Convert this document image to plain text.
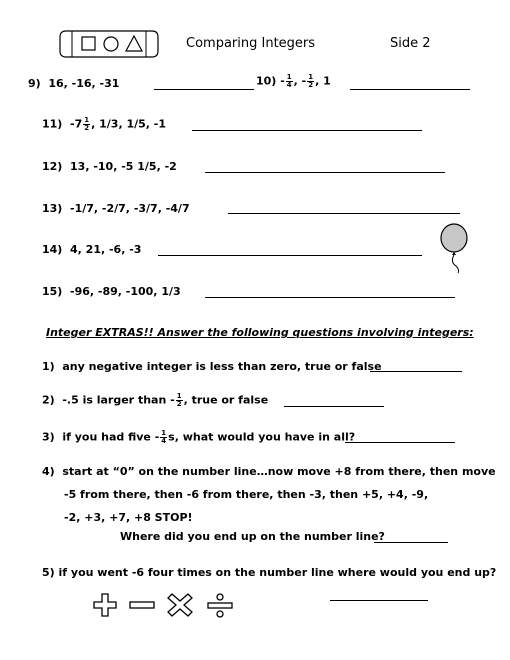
Comparing Integers	Side 2
9) 16, -16, -31	$10) - \frac{1}{4}$ , - $\frac{1}{2}$ , 1
11) $-7 \frac{1}{2}$ , 1/3, 1/5, -1
12) 13, -10, -5 1/5, -2
13) -1/7, -2/7, -3/7, -4/7
14) 4, 21, -6, -3
15) -96, -89, -100, 1/3
Integer EXTRAS!! Answer the following questions involving integers:
1) any negative integer is less than zero, true or false
2) -.5 is larger than - $\frac{1}{2}$ , true or false
3) if you had five - $\frac{1}{4} s$, what would you have in all?
4) start at “0” on the number line…now move +8 from there, then move
-5 from there, then -6 from there, then -3, then +5, +4, -9,
-2, +3, +7, +8 STOP!
Where did you end up on the number line?
5) if you went -6 four times on the number line where would you end up?
